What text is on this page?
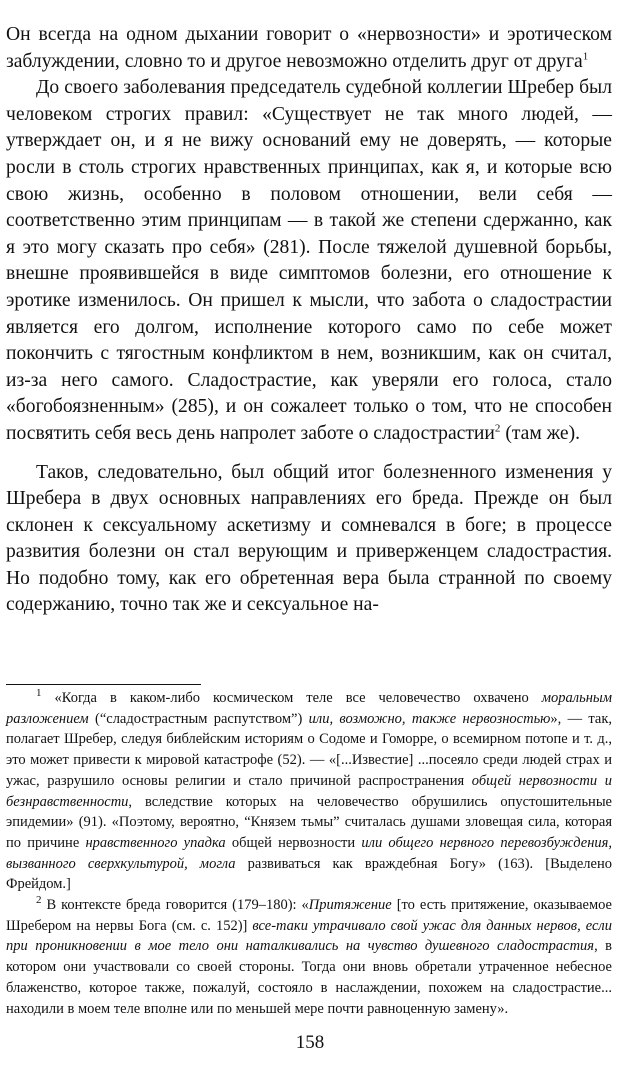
Он всегда на одном дыхании говорит о «нервозности» и эротическом заблуждении, словно то и другое невозможно отделить друг от друга$^1$

До своего заболевания председатель судебной коллегии Шребер был человеком строгих правил: «Существует не так много людей, — утверждает он, и я не вижу оснований ему не доверять, — которые росли в столь строгих нравственных принципах, как я, и которые всю свою жизнь, особенно в половом отношении, вели себя — соответственно этим принципам — в такой же степени сдержанно, как я это могу сказать про себя» (281). После тяжелой душевной борьбы, внешне проявившейся в виде симптомов болезни, его отношение к эротике изменилось. Он пришел к мысли, что забота о сладострастии является его долгом, исполнение которого само по себе может покончить с тягостным конфликтом в нем, возникшим, как он считал, из-за него самого. Сладострастие, как уверяли его голоса, стало «богобоязненным» (285), и он сожалеет только о том, что не способен посвятить себя весь день напролет заботе о сладострастии$^2$ (там же).

Таков, следовательно, был общий итог болезненного изменения у Шребера в двух основных направлениях его бреда. Прежде он был склонен к сексуальному аскетизму и сомневался в боге; в процессе развития болезни он стал верующим и приверженцем сладострастия. Но подобно тому, как его обретенная вера была странной по своему содержанию, точно так же и сексуальное на-

$^1$ «Когда в каком-либо космическом теле все человечество охвачено моральным разложением (“сладострастным распутством”) или, возможно, также нервозностью», — так, полагает Шребер, следуя библейским историям о Содоме и Гоморре, о всемирном потопе и т. д., это может привести к мировой катастрофе (52). — «[...Известие] ...посеяло среди людей страх и ужас, разрушило основы религии и стало причиной распространения общей нервозности и безнравственности, вследствие которых на человечество обрушились опустошительные эпидемии» (91). «Поэтому, вероятно, “Князем тьмы” считалась душами зловещая сила, которая по причине нравственного упадка общей нервозности или общего нервного перевозбуждения, вызванного сверхкультурой, могла развиваться как враждебная Богу» (163). [Выделено Фрейдом.]

$^2$ В контексте бреда говорится (179–180): «Притяжение [то есть притяжение, оказываемое Шребером на нервы Бога (см. с. 152)] все-таки утрачивало свой ужас для данных нервов, если при проникновении в мое тело они наталкивались на чувство душевного сладострастия, в котором они участвовали со своей стороны. Тогда они вновь обретали утраченное небесное блаженство, которое также, пожалуй, состояло в наслаждении, похожем на сладострастие... находили в моем теле вполне или по меньшей мере почти равноценную замену».

158
